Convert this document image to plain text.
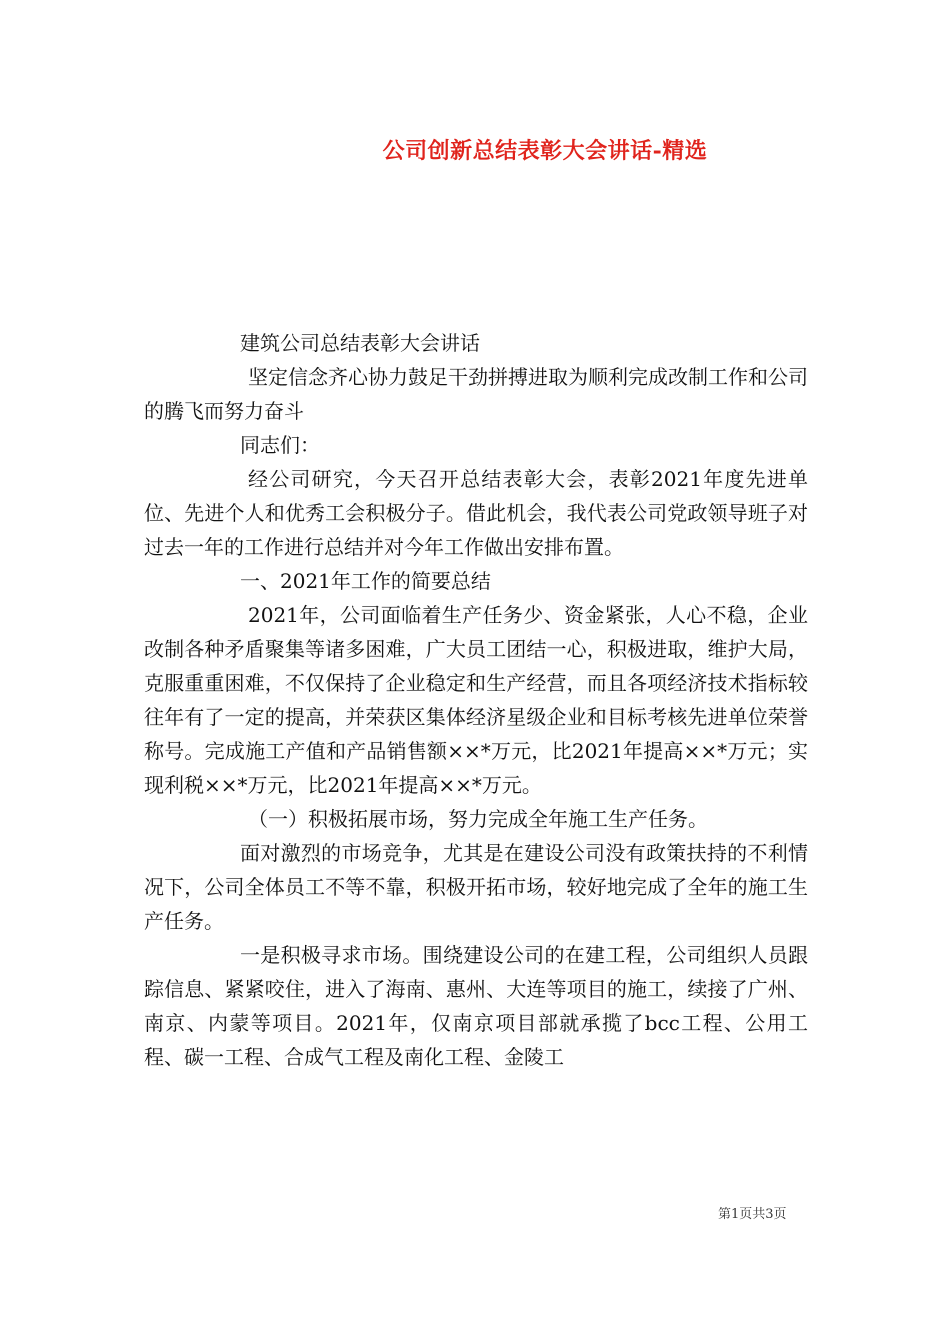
公司创新总结表彰大会讲话-精选

建筑公司总结表彰大会讲话

坚定信念齐心协力鼓足干劲拼搏进取为顺利完成改制工作和公司的腾飞而努力奋斗

同志们：

经公司研究，今天召开总结表彰大会，表彰2021年度先进单位、先进个人和优秀工会积极分子。借此机会，我代表公司党政领导班子对过去一年的工作进行总结并对今年工作做出安排布置。

一、2021年工作的简要总结

2021年，公司面临着生产任务少、资金紧张，人心不稳，企业改制各种矛盾聚集等诸多困难，广大员工团结一心，积极进取，维护大局，克服重重困难，不仅保持了企业稳定和生产经营，而且各项经济技术指标较往年有了一定的提高，并荣获区集体经济星级企业和目标考核先进单位荣誉称号。完成施工产值和产品销售额××*万元，比2021年提高××*万元；实现利税××*万元，比2021年提高××*万元。

（一）积极拓展市场，努力完成全年施工生产任务。

面对激烈的市场竞争，尤其是在建设公司没有政策扶持的不利情况下，公司全体员工不等不靠，积极开拓市场，较好地完成了全年的施工生产任务。

一是积极寻求市场。围绕建设公司的在建工程，公司组织人员跟踪信息、紧紧咬住，进入了海南、惠州、大连等项目的施工，续接了广州、南京、内蒙等项目。2021年，仅南京项目部就承揽了bcc工程、公用工程、碳一工程、合成气工程及南化工程、金陵工

第1页共3页
